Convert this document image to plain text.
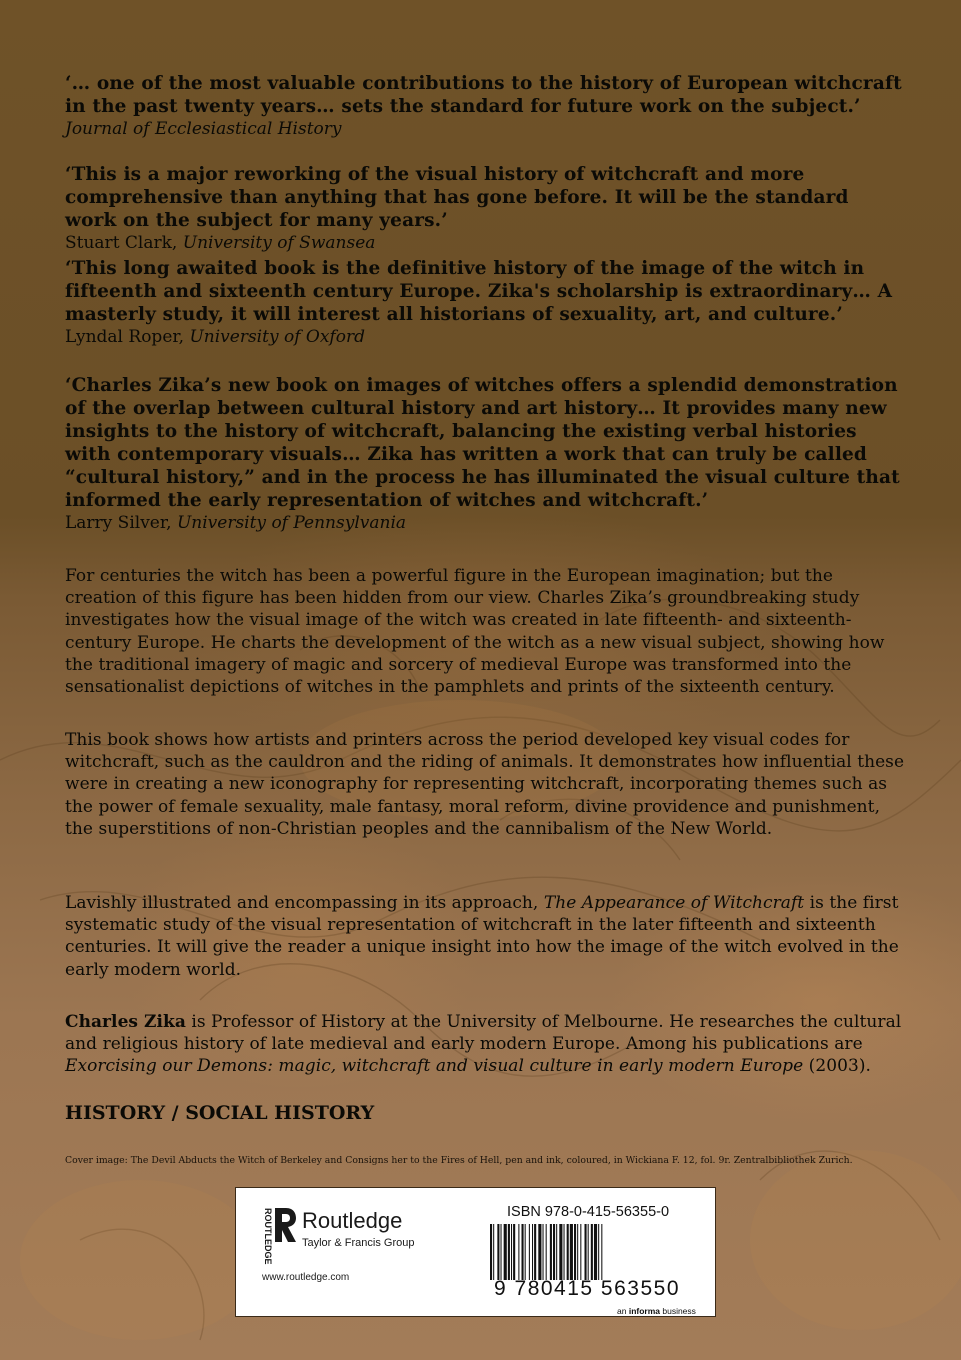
‘… one of the most valuable contributions to the history of European witchcraft in the past twenty years… sets the standard for future work on the subject.’
Journal of Ecclesiastical History
‘This is a major reworking of the visual history of witchcraft and more comprehensive than anything that has gone before. It will be the standard work on the subject for many years.’
Stuart Clark, University of Swansea
‘This long awaited book is the definitive history of the image of the witch in fifteenth and sixteenth century Europe. Zika's scholarship is extraordinary… A masterly study, it will interest all historians of sexuality, art, and culture.’
Lyndal Roper, University of Oxford
‘Charles Zika’s new book on images of witches offers a splendid demonstration of the overlap between cultural history and art history… It provides many new insights to the history of witchcraft, balancing the existing verbal histories with contemporary visuals… Zika has written a work that can truly be called “cultural history,” and in the process he has illuminated the visual culture that informed the early representation of witches and witchcraft.’
Larry Silver, University of Pennsylvania
For centuries the witch has been a powerful figure in the European imagination; but the creation of this figure has been hidden from our view. Charles Zika’s groundbreaking study investigates how the visual image of the witch was created in late fifteenth- and sixteenth-century Europe. He charts the development of the witch as a new visual subject, showing how the traditional imagery of magic and sorcery of medieval Europe was transformed into the sensationalist depictions of witches in the pamphlets and prints of the sixteenth century.
This book shows how artists and printers across the period developed key visual codes for witchcraft, such as the cauldron and the riding of animals. It demonstrates how influential these were in creating a new iconography for representing witchcraft, incorporating themes such as the power of female sexuality, male fantasy, moral reform, divine providence and punishment, the superstitions of non-Christian peoples and the cannibalism of the New World.
Lavishly illustrated and encompassing in its approach, The Appearance of Witchcraft is the first systematic study of the visual representation of witchcraft in the later fifteenth and sixteenth centuries. It will give the reader a unique insight into how the image of the witch evolved in the early modern world.
Charles Zika is Professor of History at the University of Melbourne. He researches the cultural and religious history of late medieval and early modern Europe. Among his publications are Exorcising our Demons: magic, witchcraft and visual culture in early modern Europe (2003).
HISTORY / SOCIAL HISTORY
Cover image: The Devil Abducts the Witch of Berkeley and Consigns her to the Fires of Hell, pen and ink, coloured, in Wickiana F. 12, fol. 9r. Zentralbibliothek Zurich.
ROUTLEDGE Routledge
Taylor & Francis Group
www.routledge.com
ISBN 978-0-415-56355-0
9 780415 563550
an informa business
